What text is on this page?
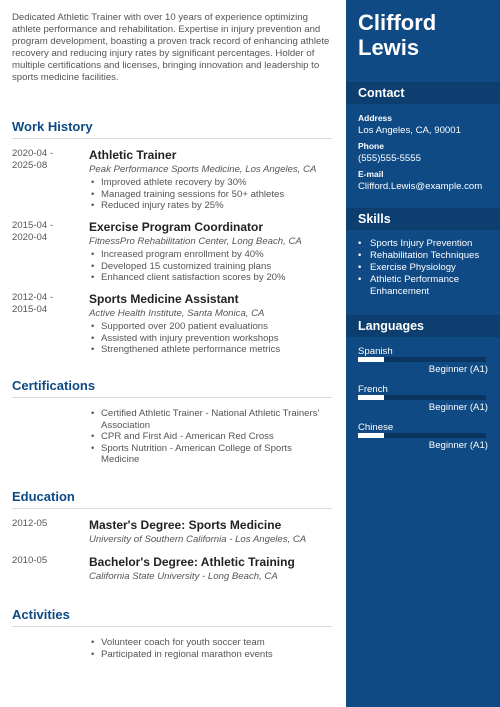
Dedicated Athletic Trainer with over 10 years of experience optimizing athlete performance and rehabilitation. Expertise in injury prevention and program development, boasting a proven track record of enhancing athlete recovery and reducing injury rates by significant percentages. Holder of multiple certifications and licenses, bringing innovation and leadership to sports medicine facilities.

Work History
2020-04 -
2025-08
Athletic Trainer
Peak Performance Sports Medicine, Los Angeles, CA
• Improved athlete recovery by 30%
• Managed training sessions for 50+ athletes
• Reduced injury rates by 25%
2015-04 -
2020-04
Exercise Program Coordinator
FitnessPro Rehabilitation Center, Long Beach, CA
• Increased program enrollment by 40%
• Developed 15 customized training plans
• Enhanced client satisfaction scores by 20%
2012-04 -
2015-04
Sports Medicine Assistant
Active Health Institute, Santa Monica, CA
• Supported over 200 patient evaluations
• Assisted with injury prevention workshops
• Strengthened athlete performance metrics
Certifications
• Certified Athletic Trainer - National Athletic Trainers' Association
• CPR and First Aid - American Red Cross
• Sports Nutrition - American College of Sports Medicine
Education
2012-05	Master's Degree: Sports Medicine
University of Southern California - Los Angeles, CA
2010-05	Bachelor's Degree: Athletic Training
California State University - Long Beach, CA
Activities
• Volunteer coach for youth soccer team
• Participated in regional marathon events
Clifford
Lewis
Contact
Address
Los Angeles, CA, 90001
Phone
(555)555-5555
E-mail
Clifford.Lewis@example.com
Skills
• Sports Injury Prevention
• Rehabilitation Techniques
• Exercise Physiology
• Athletic Performance Enhancement
Languages
Spanish
Beginner (A1)
French
Beginner (A1)
Chinese
Beginner (A1)
